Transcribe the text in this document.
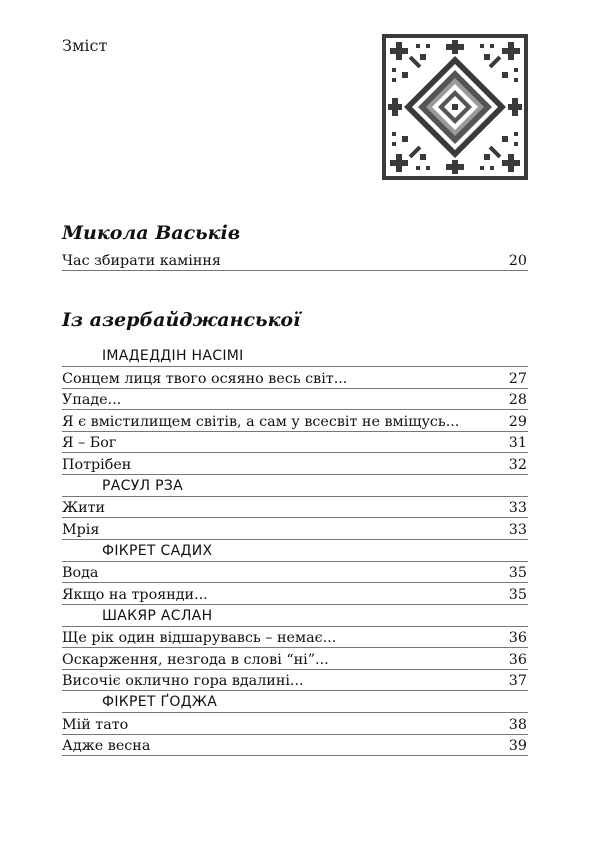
Зміст
Микола Васьків
Час збирати каміння	20
Із азербайджанської
ІМАДЕДДІН НАСІМІ
Сонцем лиця твого осяяно весь світ...	27
Упаде...	28
Я є вмістилищем світів, а сам у всесвіт не вміщусь...	29
Я – Бог	31
Потрібен	32
РАСУЛ РЗА
Жити	33
Мрія	33
ФІКРЕТ САДИХ
Вода	35
Якщо на троянди...	35
ШАКЯР АСЛАН
Ще рік один відшарувавсь – немає...	36
Оскарження, незгода в слові “ні”...	36
Височіє оклично гора вдалині...	37
ФІКРЕТ ҐОДЖА
Мій тато	38
Адже весна	39
